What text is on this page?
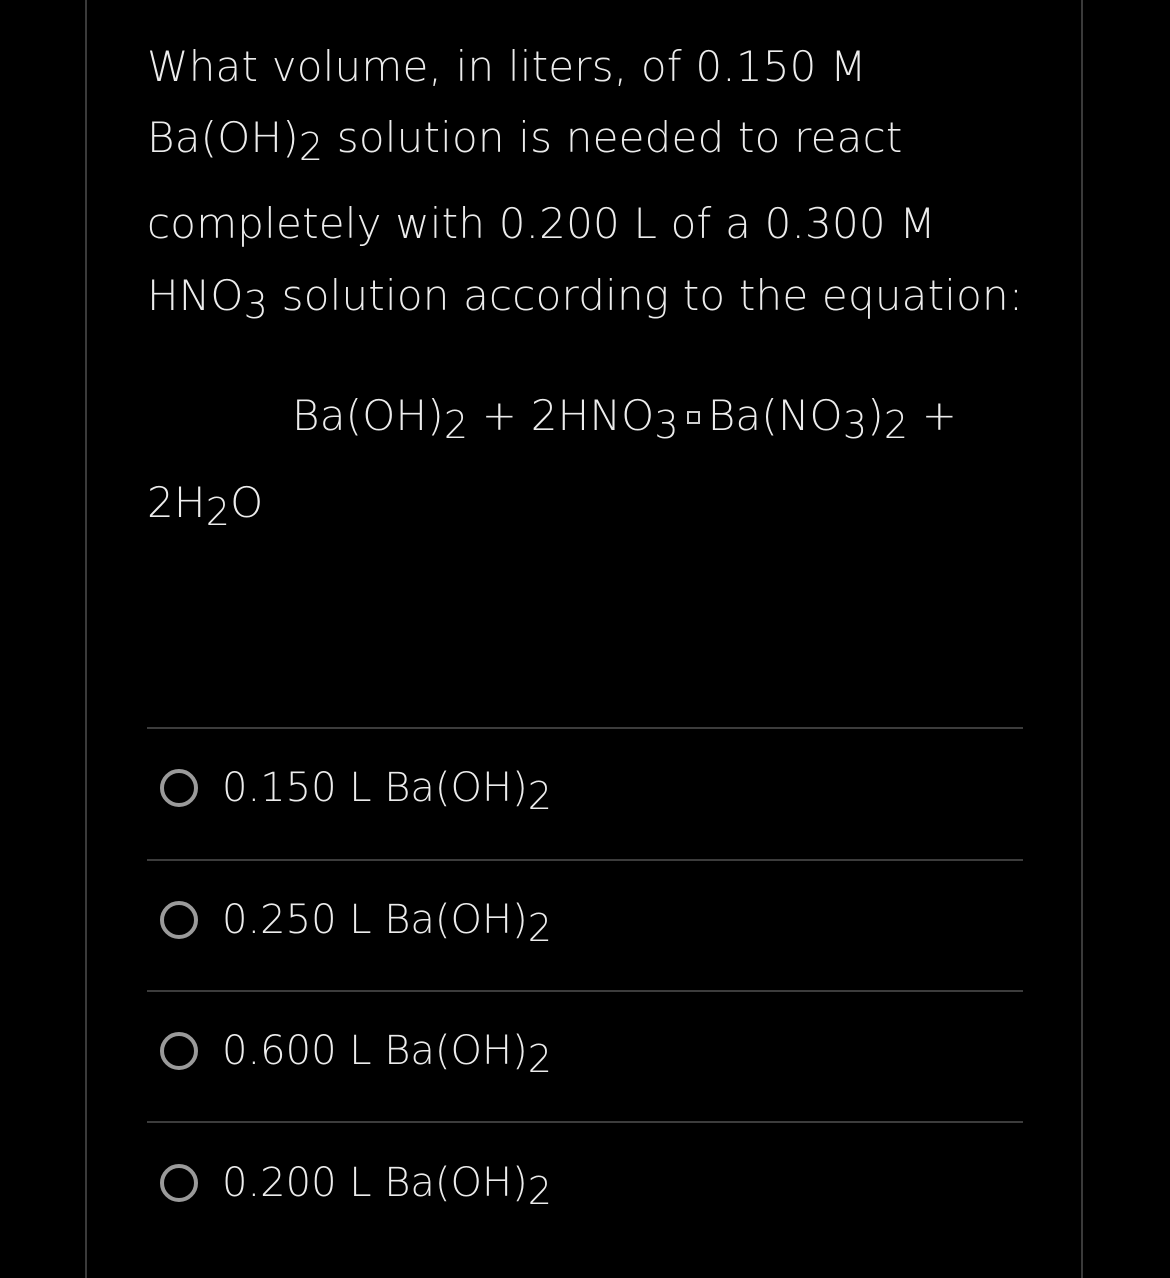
What volume, in liters, of 0.150 M
Ba(OH)2 solution is needed to react
completely with 0.200 L of a 0.300 M
HNO3 solution according to the equation:
Ba(OH)2 + 2HNO3 Ba(NO3)2 +
2H2O
0.150 L Ba(OH)2
0.250 L Ba(OH)2
0.600 L Ba(OH)2
0.200 L Ba(OH)2
